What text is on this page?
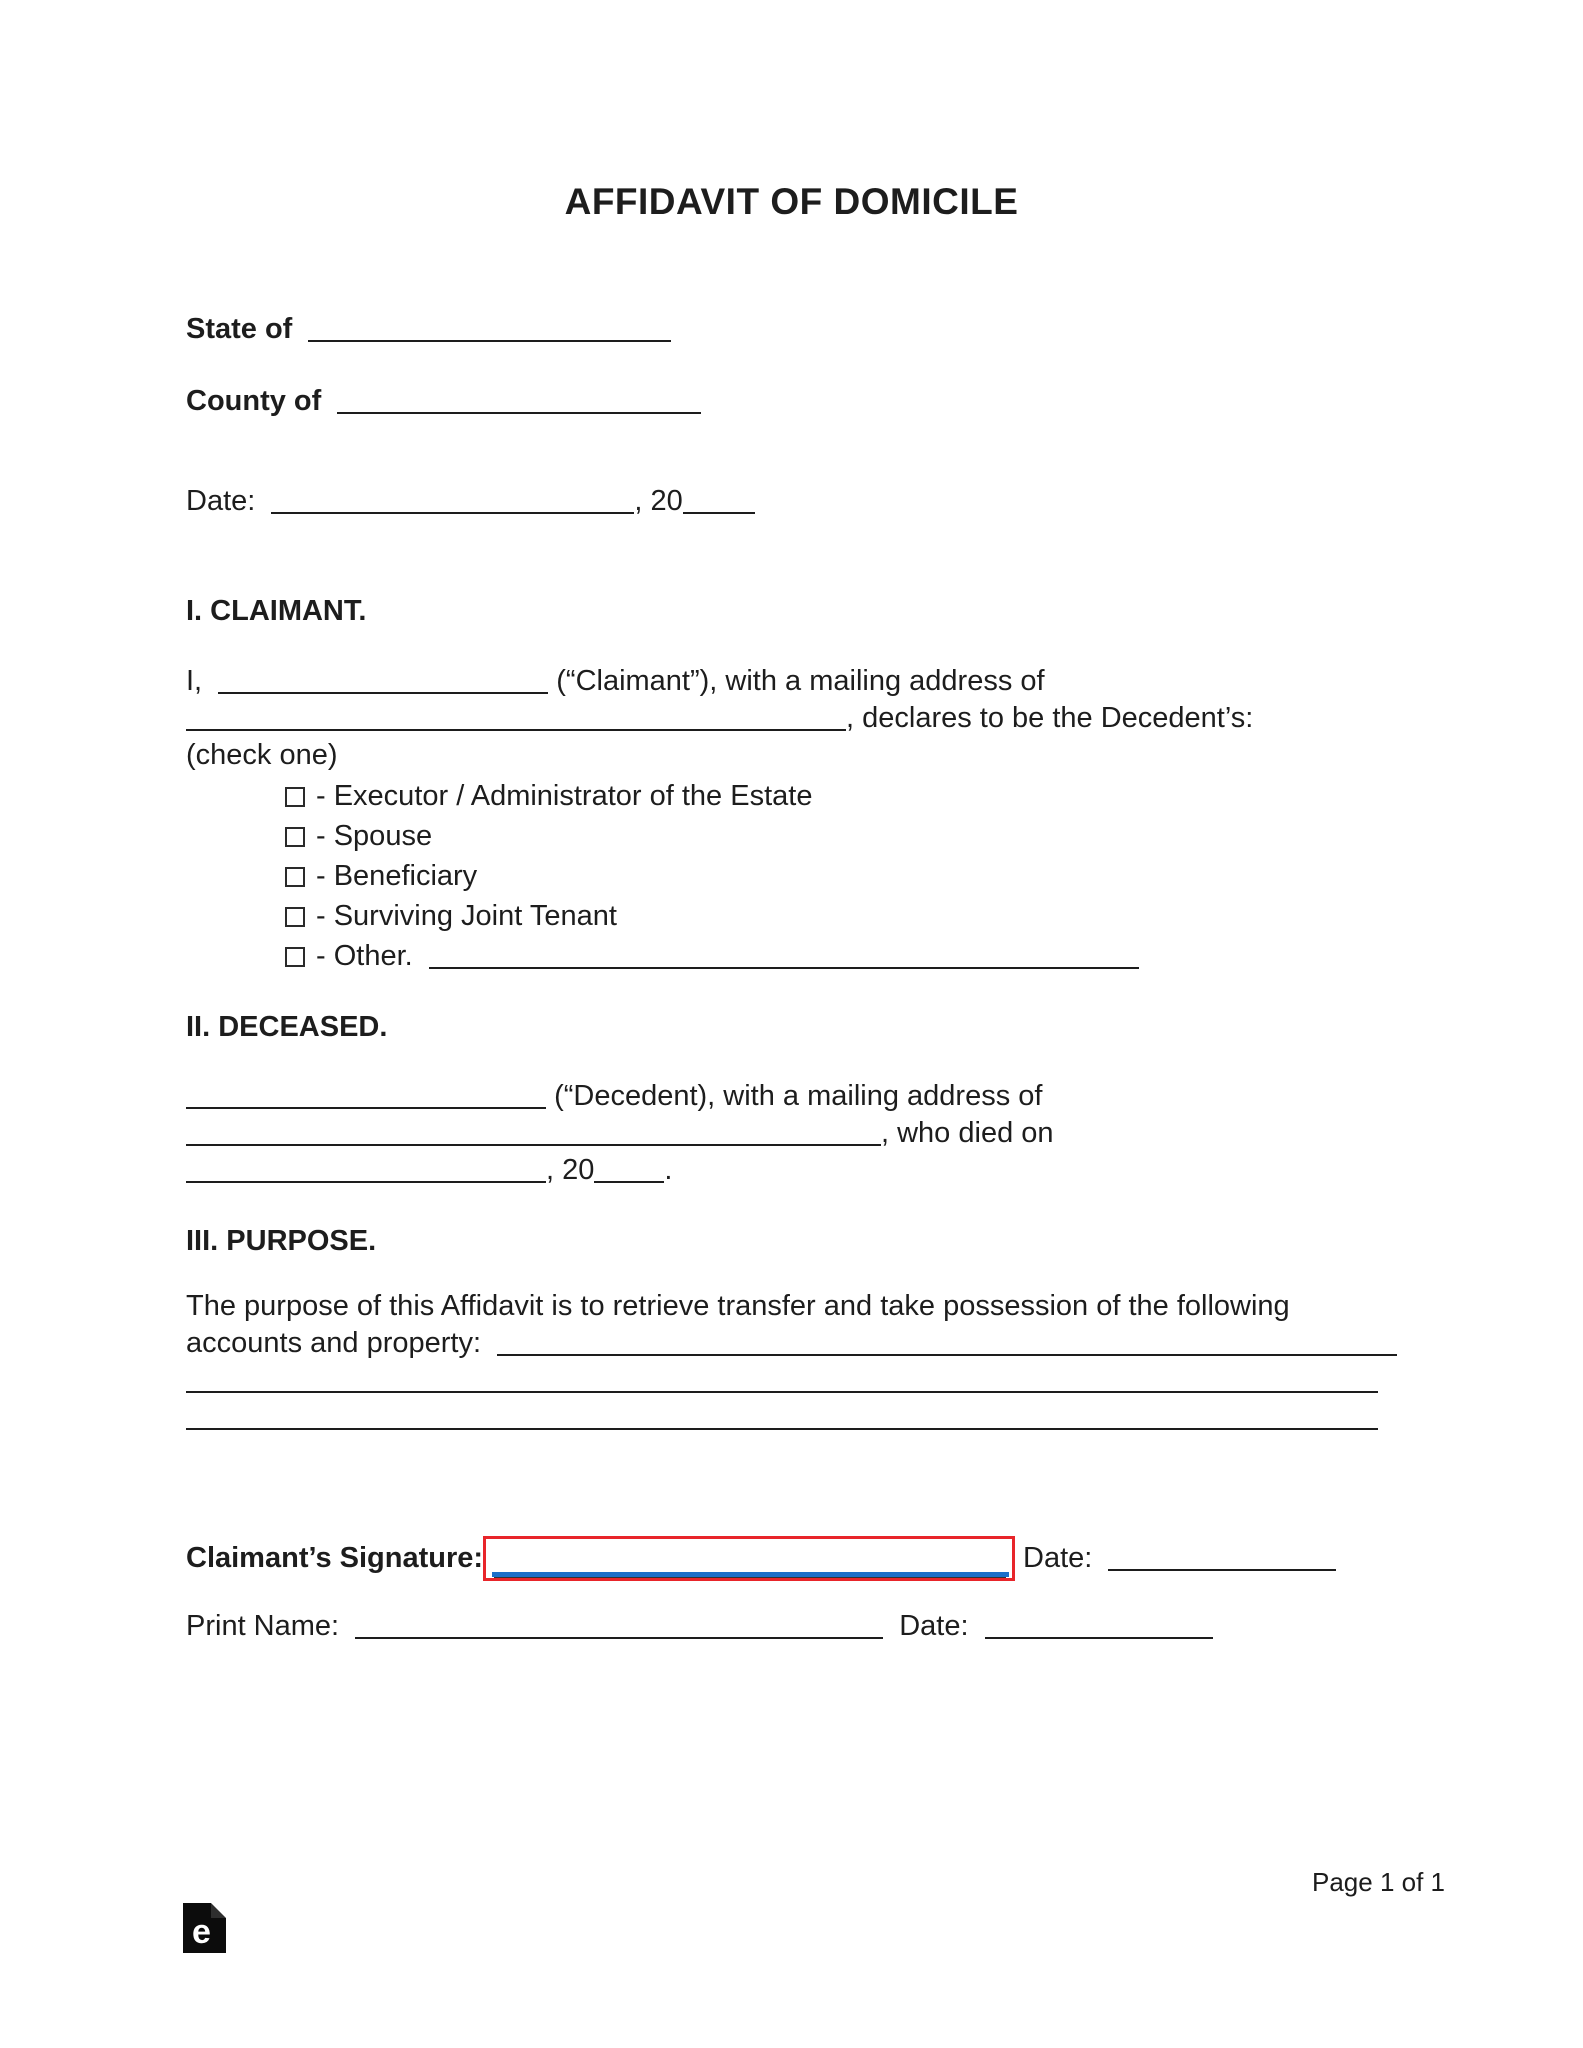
AFFIDAVIT OF DOMICILE
State of
County of
Date:	, 20
I. CLAIMANT.
I,	(“Claimant”), with a mailing address of
, declares to be the Decedent’s:
(check one)
- Executor / Administrator of the Estate
- Spouse
- Beneficiary
- Surviving Joint Tenant
- Other.
II. DECEASED.
(“Decedent), with a mailing address of
, who died on
, 20 .
III. PURPOSE.
The purpose of this Affidavit is to retrieve transfer and take possession of the following
accounts and property:

Claimant’s Signature:	Date:
Print Name:	Date:
Page 1 of 1
e
